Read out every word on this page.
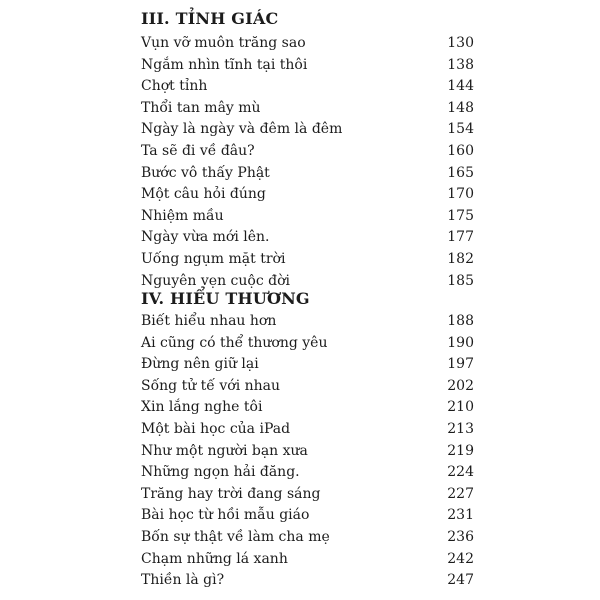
III. TỈNH GIÁC
Vụn vỡ muôn trăng sao	130
Ngắm nhìn tĩnh tại thôi	138
Chợt tỉnh	144
Thổi tan mây mù	148
Ngày là ngày và đêm là đêm	154
Ta sẽ đi về đâu?	160
Bước vô thấy Phật	165
Một câu hỏi đúng	170
Nhiệm mầu	175
Ngày vừa mới lên.	177
Uống ngụm mặt trời	182
Nguyên vẹn cuộc đời	185
IV. HIỂU THƯƠNG
Biết hiểu nhau hơn	188
Ai cũng có thể thương yêu	190
Đừng nên giữ lại	197
Sống tử tế với nhau	202
Xin lắng nghe tôi	210
Một bài học của iPad	213
Như một người bạn xưa	219
Những ngọn hải đăng.	224
Trăng hay trời đang sáng	227
Bài học từ hồi mẫu giáo	231
Bốn sự thật về làm cha mẹ	236
Chạm những lá xanh	242
Thiền là gì?	247
